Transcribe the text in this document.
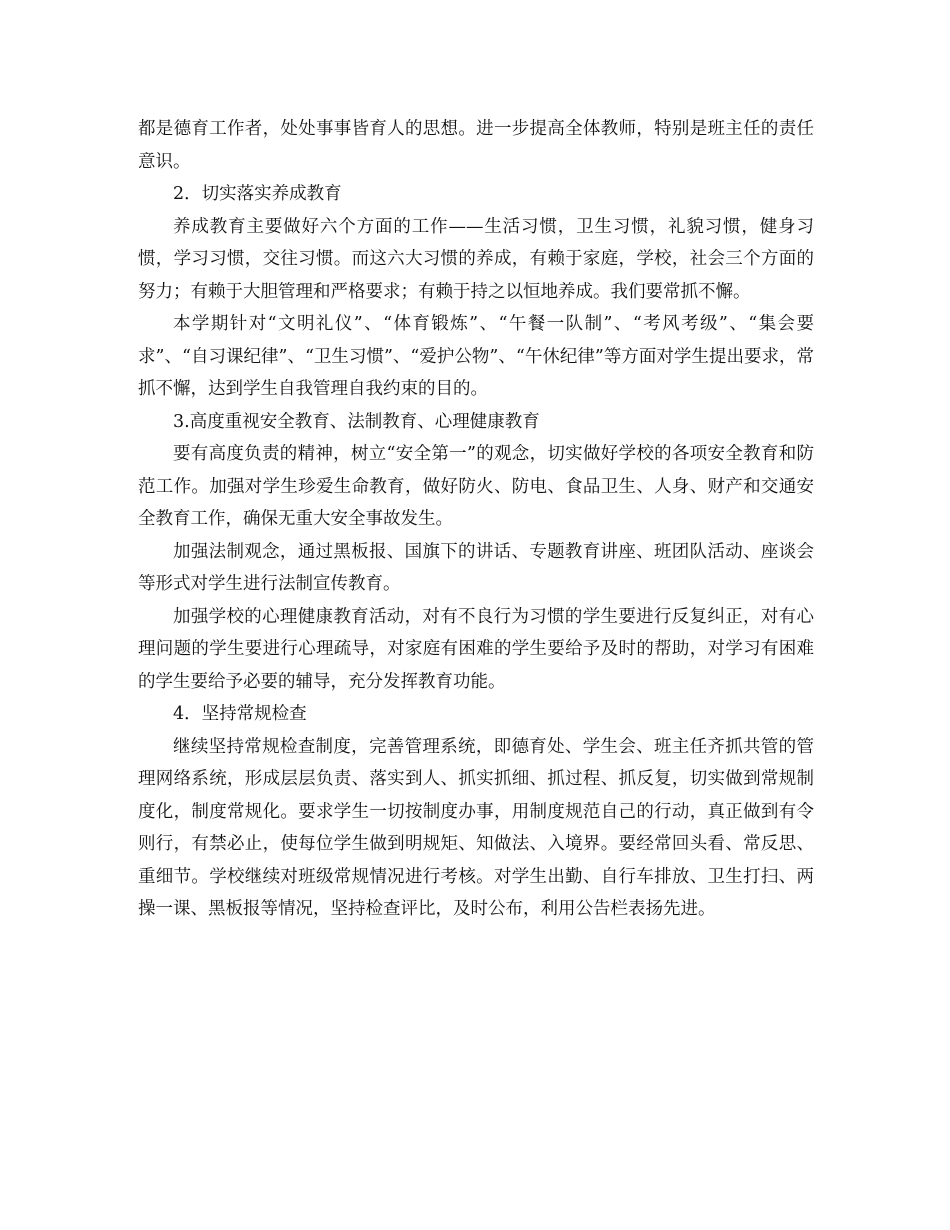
都是德育工作者，处处事事皆育人的思想。进一步提高全体教师，特别是班主任的责任意识。

2．切实落实养成教育

养成教育主要做好六个方面的工作——生活习惯，卫生习惯，礼貌习惯，健身习惯，学习习惯，交往习惯。而这六大习惯的养成，有赖于家庭，学校，社会三个方面的努力；有赖于大胆管理和严格要求；有赖于持之以恒地养成。我们要常抓不懈。

本学期针对“文明礼仪”、“体育锻炼”、“午餐一队制”、“考风考级”、“集会要求”、“自习课纪律”、“卫生习惯”、“爱护公物”、“午休纪律”等方面对学生提出要求，常抓不懈，达到学生自我管理自我约束的目的。

3.高度重视安全教育、法制教育、心理健康教育

要有高度负责的精神，树立“安全第一”的观念，切实做好学校的各项安全教育和防范工作。加强对学生珍爱生命教育，做好防火、防电、食品卫生、人身、财产和交通安全教育工作，确保无重大安全事故发生。

加强法制观念，通过黑板报、国旗下的讲话、专题教育讲座、班团队活动、座谈会等形式对学生进行法制宣传教育。

加强学校的心理健康教育活动，对有不良行为习惯的学生要进行反复纠正，对有心理问题的学生要进行心理疏导，对家庭有困难的学生要给予及时的帮助，对学习有困难的学生要给予必要的辅导，充分发挥教育功能。

4．坚持常规检查

继续坚持常规检查制度，完善管理系统，即德育处、学生会、班主任齐抓共管的管理网络系统，形成层层负责、落实到人、抓实抓细、抓过程、抓反复，切实做到常规制度化，制度常规化。要求学生一切按制度办事，用制度规范自己的行动，真正做到有令则行，有禁必止，使每位学生做到明规矩、知做法、入境界。要经常回头看、常反思、重细节。学校继续对班级常规情况进行考核。对学生出勤、自行车排放、卫生打扫、两操一课、黑板报等情况，坚持检查评比，及时公布，利用公告栏表扬先进。
